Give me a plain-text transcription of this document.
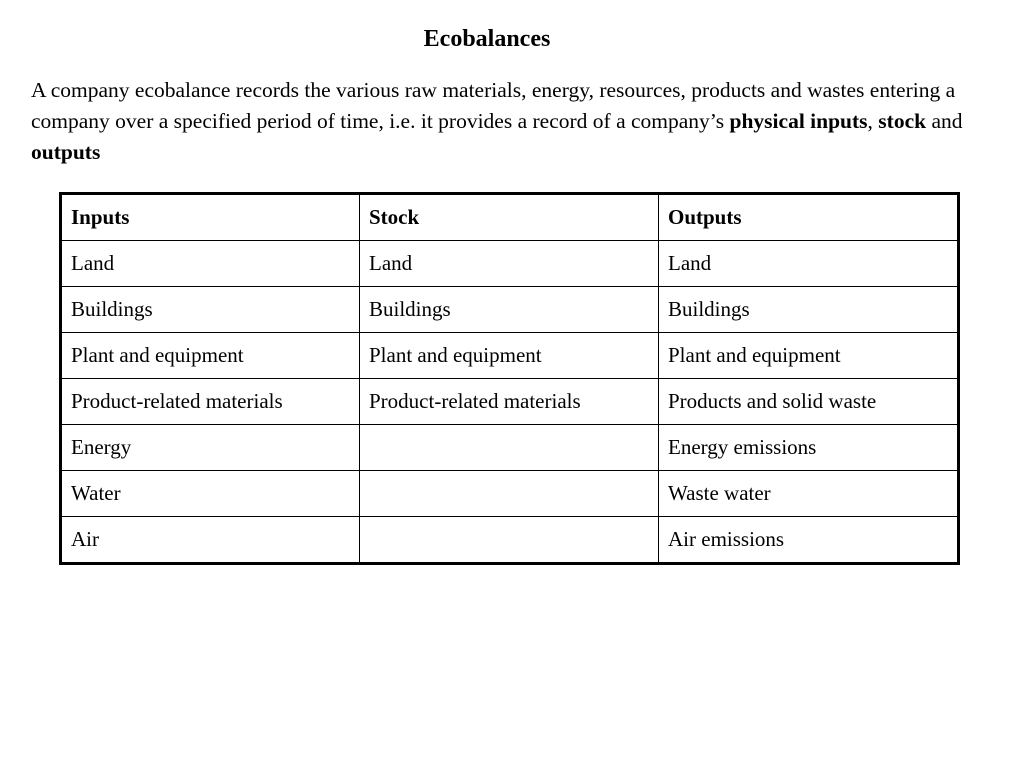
Ecobalances

A company ecobalance records the various raw materials, energy, resources, products and wastes entering a company over a specified period of time, i.e. it provides a record of a company’s physical inputs, stock and outputs

Inputs	Stock	Outputs
Land	Land	Land
Buildings	Buildings	Buildings
Plant and equipment	Plant and equipment	Plant and equipment
Product-related materials	Product-related materials	Products and solid waste
Energy		Energy emissions
Water		Waste water
Air		Air emissions
